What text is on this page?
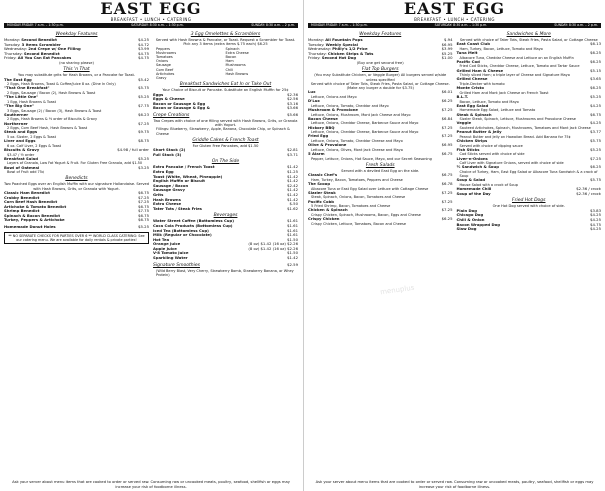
EAST EGG
BREAKFAST • LUNCH • CATERING
MONDAY-FRIDAY: 7 a.m. – 1:30 p.m.	SATURDAY: 8:30 a.m. – 1:30 p.m.	SUNDAY: 8:30 a.m. – 2 p.m.
Weekday Features
Monday: Second Benedict	$4.25
Tuesday: 3 Items Scrambler	$4.72
Wednesday: 2nd Crepe w/ One Filling	$3.99
Thursday: Second Benedict	$4.75
Friday: All You Can Eat Pancakes	$4.75
(no sharing please)
This 'n That
You may substitute grits for Hash Browns, or a Pancake for Toast.
The East Egg	$5.42
2 Eggs, Hash Browns, Toast & Coffee/Juice 8 oz. (Dine In Only)
"That One Breakfast"	$5.75
2 Eggs, Sausage / Bacon (2), Hash Browns & Toast
"The Little One"	$5.25
1 Egg, Hash Browns & Toast
"The Big One"	$7.75
3 Eggs, Sausage (2) / Bacon (3), Hash Browns & Toast
Southerner	$6.23
2 Eggs, Hash Browns & ½ order of Biscuits & Gravy
Northerner	$7.25
2 Eggs, Corn Beef Hash, Hash Browns & Toast
Steak and Eggs	$9.75
5 oz. Sizzler, 2 Eggs & Toast
Liver and Eggs	$8.75
6 oz. Calf Liver, 2 Eggs & Toast
Biscuits & Gravy	$4.98 / full order
$3.47 / ½ order
Breakfast Salad	$5.25
Layers of Granola, Low Fat Yogurt & Fruit. For Gluten Free Granola, add $1.50
Bowl of Oatmeal	$3.25
Bowl of Fruit add 75¢
Benedicts
Two Poached Eggs over an English Muffin with our signature Hollandaise. Served with Hash Browns, Grits, or Granola with Yogurt.
Classic Ham Benedict	$6.75
Crabby Benedict	$7.25
Corn Beef Hash Benedict	$7.25
Artichoke & Tomato Benedict	$6.75
Shrimp Benedict	$7.75
Spinach & Bacon Benedict	$6.75
Turkey, Peppers & Artichoke	$6.75
Homemade Donut Holes	$5.25
** NO SEPARATE CHECKS FOR PARTIES OVER 6 ** WORLD CLASS CATERING: See our catering menu. We are available for daily rentals & private parties!
3 Egg Omelettes & Scramblers
Served with Hash Browns & Pancake, or Toast. Request a Scrambler for Toast.
Pick any 3 items (extra items $.75 each) $6.25
Peppers	Spinach
Mushrooms	Extra Cheese
Tomatoes	Bacon
Onions	Ham
Sausage	Mushrooms
Corn Beef	Chili
Artichokes	Hash Browns
Gravy
Breakfast Sandwiches Eat In or Take Out
Your Choice of Biscuit or Pancake. Substitute an English Muffin for 25¢
Eggs	$2.36
Eggs & Cheese	$2.56
Bacon or Sausage & Egg	$3.16
Bacon or Sausage & Egg &	$3.66
Crepe Creations	$5.66
Two Crepes with choice of one filling served with Hash Browns, Grits, or Granola with Yogurt.
Fillings: Blueberry, Strawberry, Apple, Banana, Chocolate Chip, or Spinach & Cheese
Griddle Cakes & French Toast
For Gluten Free Pancakes, add $1.50
Short Stack (2)	$2.81
Full Stack (3)	$3.71
On The Side
Extra Pancake / French Toast	$1.42
Extra Egg	$1.25
Toast (White, Wheat, Pineapple)	$1.42
English Muffin or Biscuit	$1.42
Sausage / Bacon	$2.42
Sausage Gravy	$1.42
Grits	$1.42
Hash Browns	$1.42
Extra Cheese	$.50
Tater Tots / Steak Fries	$1.62
Beverages
Water Street Coffee (Bottomless Cup)	$1.61
Coca Cola Products (Bottomless Cup)	$1.61
Iced Tea (Bottomless Cup)	$1.61
Milk (Regular or Chocolate)	$1.61
Hot Tea	$1.50
Orange Juice	(8 oz) $1.42 (16 oz) $2.26
Apple Juice	(8 oz) $1.42 (16 oz) $2.26
V-8 Tomato Juice	$1.50
Sparkling Water	$1.42
Signature Smoothies	$2.59
(Wild Berry Blast, Very Cherry, Strawberry Bomb, Strawberry Banana, or Whey Protein)
Ask your server about menu items that are cooked to order or served raw. Consuming raw or uncooked meats, poultry, seafood, shellfish or eggs may increase your risk of foodborne illness.
EAST EGG
BREAKFAST • LUNCH • CATERING
MONDAY-FRIDAY: 7 a.m. – 1:30 p.m.	SATURDAY: 8:30 a.m. – 1:30 p.m.	SUNDAY: 8:30 a.m. – 2 p.m.
Weekday Features
Monday: All Fountain Pops	$.94
Tuesday: Weekly Special	$6.95
Wednesday: Philly's 1/2 Price	$3.99
Thursday: Chicken Strips & Tots	$5.25
Friday: Second Hot Dog	$1.00
(Buy one get second free)
Flat Top Burgers
(You may Substitute Chicken, or Veggie Burger) All burgers served w/side unless specified
Served with choice of Tater Tots, Steak Fries, Pasta Salad, or Cottage Cheese.
(Make any burger a double for $3.75)
Lux	$6.01
Lettuce, Onions and Mayo
D'Lux	$6.25
Lettuce, Onions, Tomato, Cheddar and Mayo
Mushroom & Provolone	$7.25
Lettuce, Onions, Mushroom, Mont Jack Cheese and Mayo
Bacon Cheese	$6.84
Lettuce, Onions, Cheddar Cheese, Barbecue Sauce and Mayo
Hickory BBQ	$7.25
Lettuce, Onions, Cheddar Cheese, Barbecue Sauce and Mayo
Fried Egg	$7.25
Lettuce, Onions, Tomato, Cheddar Cheese and Mayo
Olive & Provolone	$6.95
Lettuce, Onions, Olives, Mont Jack Cheese and Mayo
5 Alarm	$6.75
Pepper, Lettuce, Onions, Hot Sauce, Mayo, and our Secret Seasoning
Fresh Salads
Served with a deviled East Egg on the side.
Classic Chef's	$6.75
Ham, Turkey, Bacon, Tomatoes, Peppers and Cheese
The Scoop	$6.78
Albacore Tuna or East Egg Salad over Lettuce with Cottage Cheese
Sizzler Steak	$7.25
Steak, Spinach, Onions, Bacon, Tomatoes and Cheese
Pacific Cobb	$7.25
5 Fried Shrimp, Bacon, Tomatoes and Cheese
Chicken & Spinach	$7.25
Crispy Chicken, Spinach, Mushrooms, Bacon, Eggs and Cheese
Crispy Chicken	$6.25
Crispy Chicken, Lettuce, Tomatoes, Bacon and Cheese
Sandwiches & More
Served with choice of Tater Tots, Steak Fries, Pasta Salad, or Cottage Cheese
East Coast Club	$6.13
Ham, Turkey, Bacon, Lettuce, Tomato and Mayo
Tuna Melt	$6.25
Albacore Tuna, Cheddar Cheese and Lettuce on an English Muffin
Pacific Cod	$6.25
Fried Cod Sticks, Cheddar Cheese, Lettuce, Tomato and Tartar Sauce
Grilled Ham & Cheese	$5.15
Thinly sliced Ham; a triple layer of Cheese and Signature Mayo
Grilled Cheese	$3.65
Triple-Decker with tomato
Monte Cristo	$6.25
Grilled Ham and Mont Jack Cheese on French Toast
B.L.T.	$5.25
Bacon, Lettuce, Tomato and Mayo
East Egg Salad	$4.25
Homemade Egg Salad, Lettuce and Tomato
Steak & Spinach	$6.75
Sizzler Steak, Spinach, Lettuce, Mushrooms and Provolone Cheese
Veggie	$4.25
Sauteed Artichokes, Spinach, Mushrooms, Tomatoes and Mont Jack Cheese
Peanut Butter & Jelly	$3.77
Peanut Butter and Jelly on Hawaiian Bread. Add Banana for 75¢
Chicken Strips	$5.75
Served with choice of dipping sauce
Fish Sticks	$5.25
Cod Sticks served with choice of side
Liver-n-Onions	$7.25
Calf Liver with Signature Onions, served with choice of side
½ Sandwich & Soup	$6.25
Choice of Turkey, Ham, East Egg Salad or Albacore Tuna Sandwich & a crock of Soup
Soup & Salad	$5.75
House Salad with a crock of Soup
Homemade Chili	$2.36 / crock
Soup of the Day	$2.36 / crock
Fried Hot Dogs
One Hot Dog served with choice of side.
Plain Dog	$3.83
Chicago Dog	$4.25
Chili & Onion	$4.25
Bacon Wrapped Dog	$4.75
Slaw Dog	$4.25
Ask your server about menu items that are cooked to order or served raw. Consuming raw or uncooked meats, poultry, seafood, shellfish or eggs may increase your risk of foodborne illness.
menuplus
